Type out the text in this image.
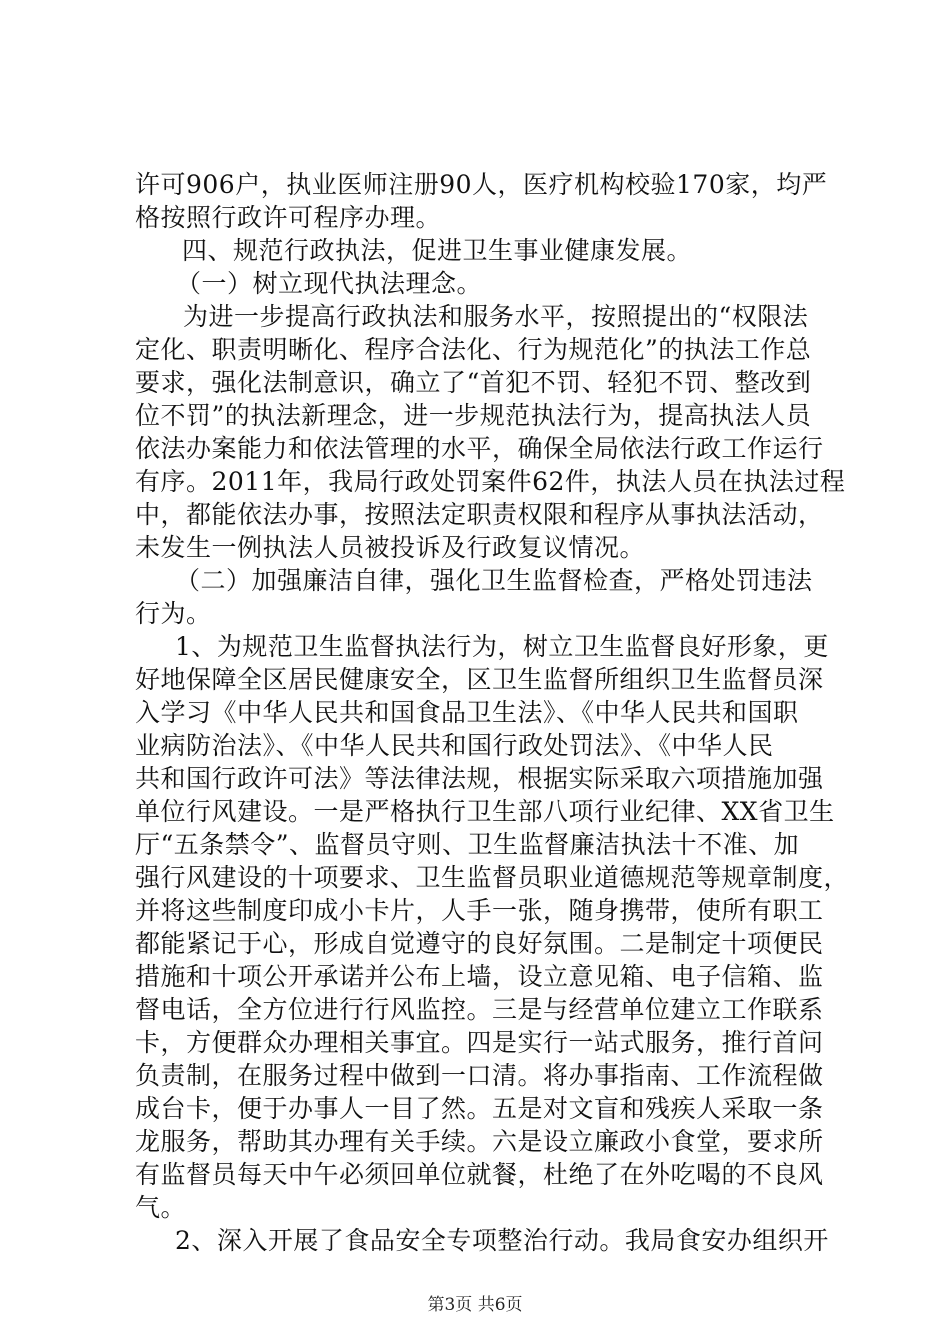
许可906户，执业医师注册90人，医疗机构校验170家，均严
格按照行政许可程序办理。
四、规范行政执法，促进卫生事业健康发展。
（一）树立现代执法理念。
为进一步提高行政执法和服务水平，按照提出的“权限法
定化、职责明晰化、程序合法化、行为规范化”的执法工作总
要求，强化法制意识，确立了“首犯不罚、轻犯不罚、整改到
位不罚”的执法新理念，进一步规范执法行为，提高执法人员
依法办案能力和依法管理的水平，确保全局依法行政工作运行
有序。2011年，我局行政处罚案件62件，执法人员在执法过程
中，都能依法办事，按照法定职责权限和程序从事执法活动，
未发生一例执法人员被投诉及行政复议情况。
（二）加强廉洁自律，强化卫生监督检查，严格处罚违法
行为。
1、为规范卫生监督执法行为，树立卫生监督良好形象，更
好地保障全区居民健康安全，区卫生监督所组织卫生监督员深
入学习《中华人民共和国食品卫生法》、《中华人民共和国职
业病防治法》、《中华人民共和国行政处罚法》、《中华人民
共和国行政许可法》等法律法规，根据实际采取六项措施加强
单位行风建设。一是严格执行卫生部八项行业纪律、XX省卫生
厅“五条禁令”、监督员守则、卫生监督廉洁执法十不准、加
强行风建设的十项要求、卫生监督员职业道德规范等规章制度，
并将这些制度印成小卡片，人手一张，随身携带，使所有职工
都能紧记于心，形成自觉遵守的良好氛围。二是制定十项便民
措施和十项公开承诺并公布上墙，设立意见箱、电子信箱、监
督电话，全方位进行行风监控。三是与经营单位建立工作联系
卡，方便群众办理相关事宜。四是实行一站式服务，推行首问
负责制，在服务过程中做到一口清。将办事指南、工作流程做
成台卡，便于办事人一目了然。五是对文盲和残疾人采取一条
龙服务，帮助其办理有关手续。六是设立廉政小食堂，要求所
有监督员每天中午必须回单位就餐，杜绝了在外吃喝的不良风
气。
2、深入开展了食品安全专项整治行动。我局食安办组织开
第3页 共6页
